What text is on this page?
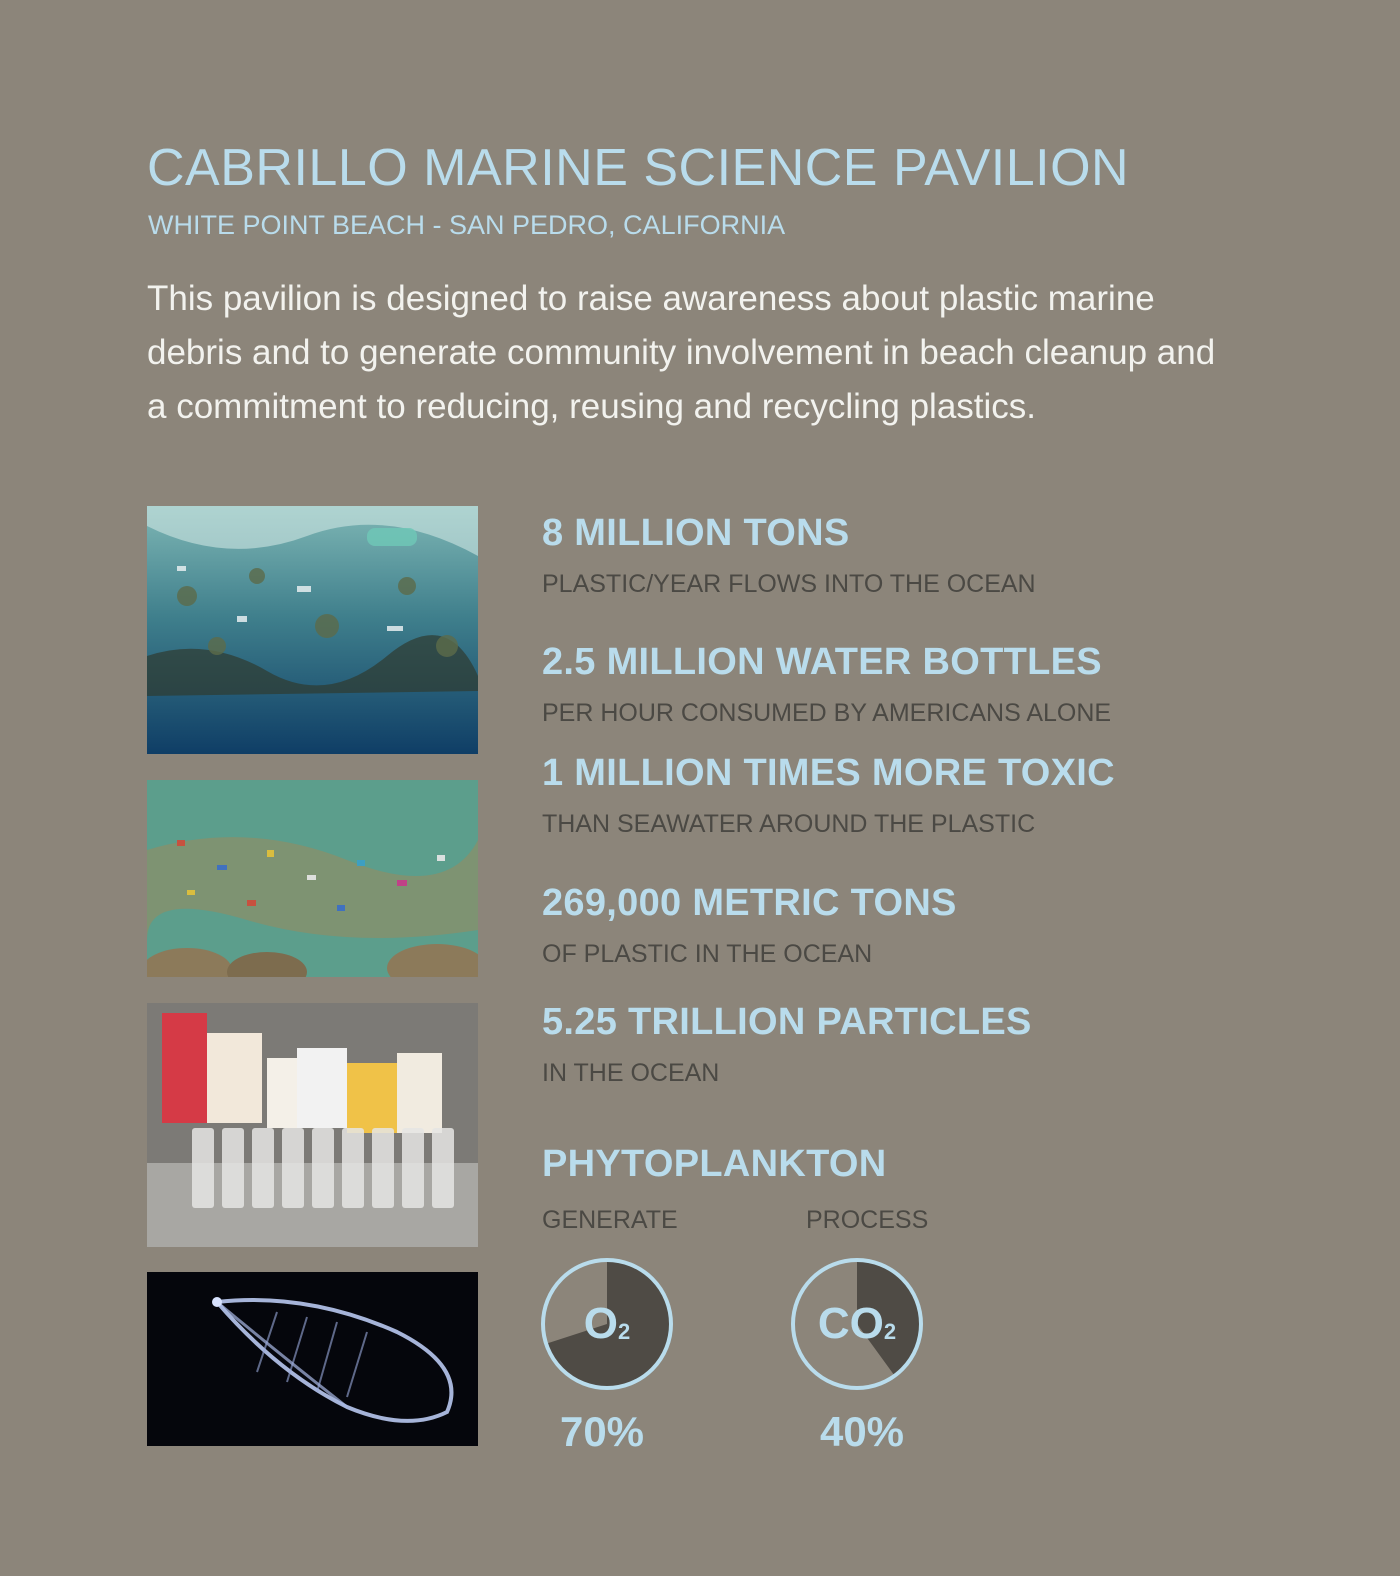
CABRILLO MARINE SCIENCE PAVILION
WHITE POINT BEACH - SAN PEDRO, CALIFORNIA
This pavilion is designed to raise awareness about plastic marine debris and to generate community involvement in beach cleanup and a commitment to reducing, reusing and recycling plastics.
8 MILLION TONS
PLASTIC/YEAR FLOWS INTO THE OCEAN
2.5 MILLION WATER BOTTLES
PER HOUR CONSUMED BY AMERICANS ALONE
1 MILLION TIMES MORE TOXIC
THAN SEAWATER AROUND THE PLASTIC
269,000 METRIC TONS
OF PLASTIC IN THE OCEAN
5.25 TRILLION PARTICLES
IN THE OCEAN
PHYTOPLANKTON
GENERATE	PROCESS
$O_2$	$CO_2$
70%	40%
